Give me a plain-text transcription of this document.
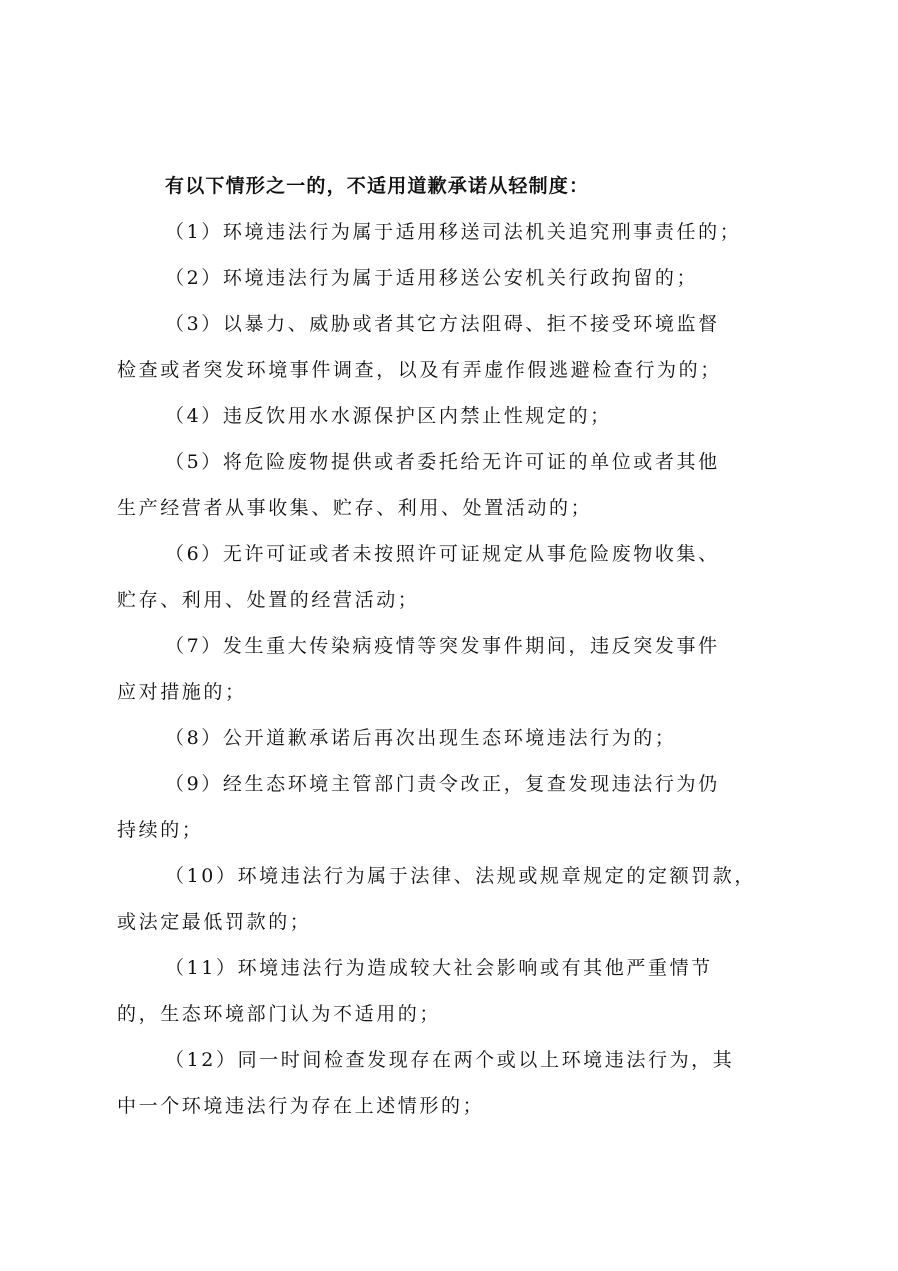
有以下情形之一的，不适用道歉承诺从轻制度：

（1）环境违法行为属于适用移送司法机关追究刑事责任的；
（2）环境违法行为属于适用移送公安机关行政拘留的；
（3）以暴力、威胁或者其它方法阻碍、拒不接受环境监督
检查或者突发环境事件调查，以及有弄虚作假逃避检查行为的；
（4）违反饮用水水源保护区内禁止性规定的；
（5）将危险废物提供或者委托给无许可证的单位或者其他
生产经营者从事收集、贮存、利用、处置活动的；
（6）无许可证或者未按照许可证规定从事危险废物收集、
贮存、利用、处置的经营活动；
（7）发生重大传染病疫情等突发事件期间，违反突发事件
应对措施的；
（8）公开道歉承诺后再次出现生态环境违法行为的；
（9）经生态环境主管部门责令改正，复查发现违法行为仍
持续的；
（10）环境违法行为属于法律、法规或规章规定的定额罚款，
或法定最低罚款的；
（11）环境违法行为造成较大社会影响或有其他严重情节
的，生态环境部门认为不适用的；
（12）同一时间检查发现存在两个或以上环境违法行为，其
中一个环境违法行为存在上述情形的；
